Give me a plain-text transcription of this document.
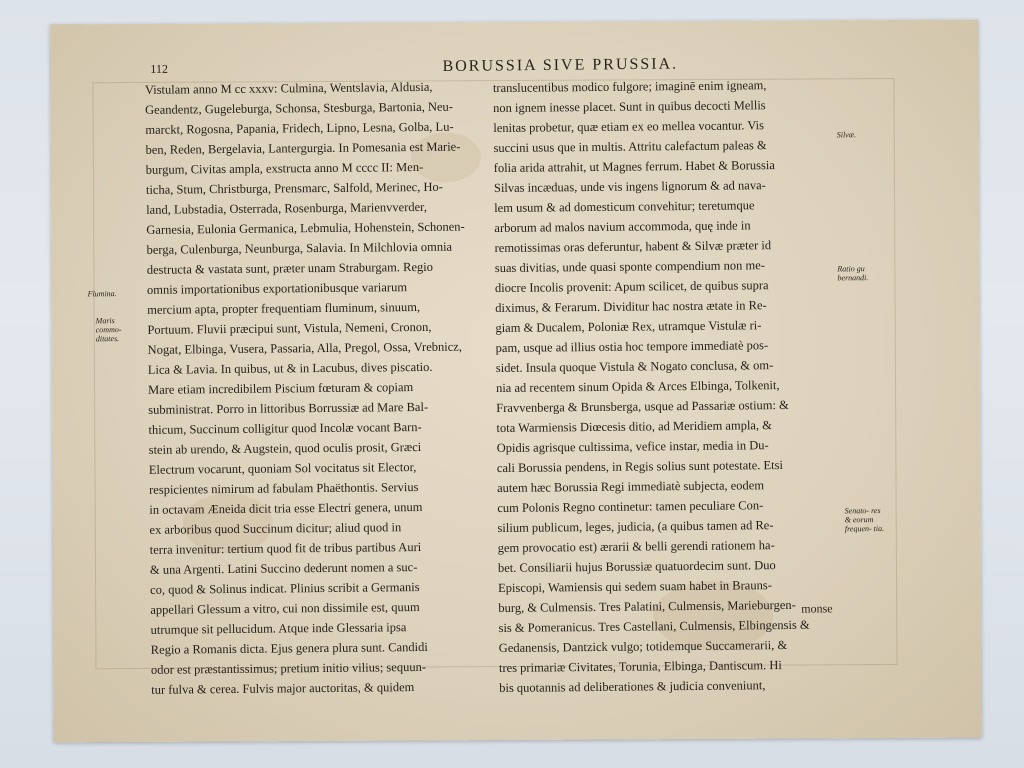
112	BORUSSIA SIVE PRUSSIA.
Vistulam anno M cc xxxv: Culmina, Wentslavia, Aldusia,
Geandentz, Gugeleburga, Schonsa, Stesburga, Bartonia, Neu-
marckt, Rogosna, Papania, Fridech, Lipno, Lesna, Golba, Lu-
ben, Reden, Bergelavia, Lantergurgia. In Pomesania est Marie-
burgum, Civitas ampla, exstructa anno M cccc II: Men-
ticha, Stum, Christburga, Prensmarc, Salfold, Merinec, Ho-
land, Lubstadia, Osterrada, Rosenburga, Marienvverder,
Garnesia, Eulonia Germanica, Lebmulia, Hohenstein, Schonen-
berga, Culenburga, Neunburga, Salavia. In Milchlovia omnia
destructa & vastata sunt, præter unam Straburgam. Regio
omnis importationibus exportationibusque variarum
mercium apta, propter frequentiam fluminum, sinuum,
Portuum. Fluvii præcipui sunt, Vistula, Nemeni, Cronon,
Nogat, Elbinga, Vusera, Passaria, Alla, Pregol, Ossa, Vrebnicz,
Lica & Lavia. In quibus, ut & in Lacubus, dives piscatio.
Mare etiam incredibilem Piscium fœturam & copiam
subministrat. Porro in littoribus Borrussiæ ad Mare Bal-
thicum, Succinum colligitur quod Incolæ vocant Barn-
stein ab urendo, & Augstein, quod oculis prosit, Græci
Electrum vocarunt, quoniam Sol vocitatus sit Elector,
respicientes nimirum ad fabulam Phaëthontis. Servius
in octavam Æneida dicit tria esse Electri genera, unum
ex arboribus quod Succinum dicitur; aliud quod in
terra invenitur: tertium quod fit de tribus partibus Auri
& una Argenti. Latini Succino dederunt nomen a suc-
co, quod & Solinus indicat. Plinius scribit a Germanis
appellari Glessum a vitro, cui non dissimile est, quum
utrumque sit pellucidum. Atque inde Glessaria ipsa
Regio a Romanis dicta. Ejus genera plura sunt. Candidi
odor est præstantissimus; pretium initio vilius; sequun-
tur fulva & cerea. Fulvis major auctoritas, & quidem
translucentibus modico fulgore; imaginē enim igneam,
non ignem inesse placet. Sunt in quibus decocti Mellis
lenitas probetur, quæ etiam ex eo mellea vocantur. Vis
succini usus que in multis. Attritu calefactum paleas &
folia arida attrahit, ut Magnes ferrum. Habet & Borussia
Silvas incæduas, unde vis ingens lignorum & ad nava-
lem usum & ad domesticum convehitur; teretumque
arborum ad malos navium accommoda, quę inde in
remotissimas oras deferuntur, habent & Silvæ præter id
suas divitias, unde quasi sponte compendium non me-
diocre Incolis provenit: Apum scilicet, de quibus supra
diximus, & Ferarum. Dividitur hac nostra ætate in Re-
giam & Ducalem, Poloniæ Rex, utramque Vistulæ ri-
pam, usque ad illius ostia hoc tempore immediatè pos-
sidet. Insula quoque Vistula & Nogato conclusa, & om-
nia ad recentem sinum Opida & Arces Elbinga, Tolkenit,
Fravvenberga & Brunsberga, usque ad Passariæ ostium: &
tota Warmiensis Diœcesis ditio, ad Meridiem ampla, &
Opidis agrisque cultissima, vefice instar, media in Du-
cali Borussia pendens, in Regis solius sunt potestate. Etsi
autem hæc Borussia Regi immediatè subjecta, eodem
cum Polonis Regno continetur: tamen peculiare Con-
silium publicum, leges, judicia, (a quibus tamen ad Re-
gem provocatio est) ærarii & belli gerendi rationem ha-
bet. Consiliarii hujus Borussiæ quatuordecim sunt. Duo
Episcopi, Wamiensis qui sedem suam habet in Brauns-
burg, & Culmensis. Tres Palatini, Culmensis, Marieburgen-
sis & Pomeranicus. Tres Castellani, Culmensis, Elbingensis &
Gedanensis, Dantzick vulgo; totidemque Succamerarii, &
tres primariæ Civitates, Torunia, Elbinga, Dantiscum. Hi
bis quotannis ad deliberationes & judicia conveniunt,
Flumina.
Maris commo- ditates.
Silvæ.
Ratio gu bernandi.
Senato- res & eorum frequen- tia.
monse
